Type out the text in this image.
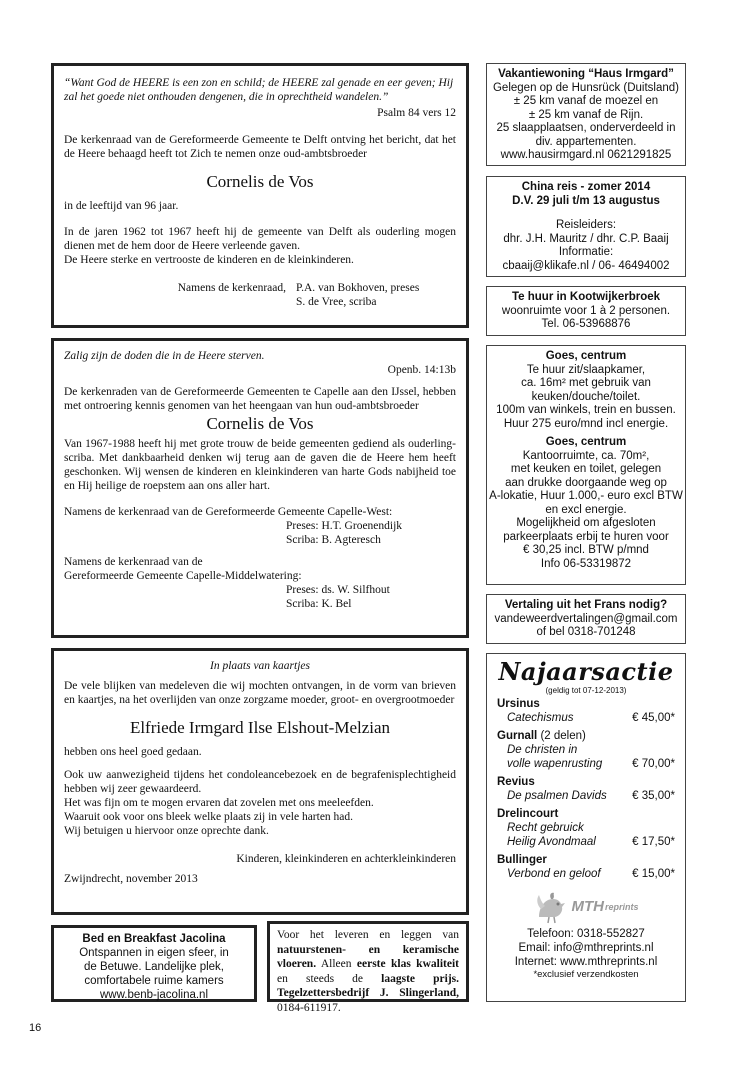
“Want God de HEERE is een zon en schild; de HEERE zal genade en eer geven; Hij zal het goede niet onthouden dengenen, die in oprechtheid wandelen.”

Psalm 84 vers 12

De kerkenraad van de Gereformeerde Gemeente te Delft ontving het bericht, dat het de Heere behaagd heeft tot Zich te nemen onze oud-ambtsbroeder

Cornelis de Vos

in de leeftijd van 96 jaar.

In de jaren 1962 tot 1967 heeft hij de gemeente van Delft als ouderling mogen dienen met de hem door de Heere verleende gaven.

De Heere sterke en vertrooste de kinderen en de kleinkinderen.

Namens de kerkenraad, P.A. van Bokhoven, preses
S. de Vree, scriba

Zalig zijn de doden die in de Heere sterven.

Openb. 14:13b

De kerkenraden van de Gereformeerde Gemeenten te Capelle aan den IJssel, hebben met ontroering kennis genomen van het heengaan van hun oud-ambtsbroeder

Cornelis de Vos

Van 1967-1988 heeft hij met grote trouw de beide gemeenten gediend als ouderling- scriba. Met dankbaarheid denken wij terug aan de gaven die de Heere hem heeft geschonken. Wij wensen de kinderen en kleinkinderen van harte Gods nabijheid toe en Hij heilige de roepstem aan ons aller hart.

Namens de kerkenraad van de Gereformeerde Gemeente Capelle-West:

Preses: H.T. Groenendijk

Scriba: B. Agteresch

Namens de kerkenraad van de

Gereformeerde Gemeente Capelle-Middelwatering:

Preses: ds. W. Silfhout

Scriba: K. Bel

In plaats van kaartjes

De vele blijken van medeleven die wij mochten ontvangen, in de vorm van brieven en kaartjes, na het overlijden van onze zorgzame moeder, groot- en overgrootmoeder

Elfriede Irmgard Ilse Elshout-Melzian

hebben ons heel goed gedaan.

Ook uw aanwezigheid tijdens het condoleancebezoek en de begrafenisplechtigheid hebben wij zeer gewaardeerd.

Het was fijn om te mogen ervaren dat zovelen met ons meeleefden.

Waaruit ook voor ons bleek welke plaats zij in vele harten had.

Wij betuigen u hiervoor onze oprechte dank.

Kinderen, kleinkinderen en achterkleinkinderen

Zwijndrecht, november 2013

Bed en Breakfast Jacolina
Ontspannen in eigen sfeer, in
de Betuwe. Landelijke plek,
comfortabele ruime kamers
www.benb-jacolina.nl
Voor het leveren en leggen van natuurstenen- en keramische vloeren. Alleen eerste klas kwaliteit en steeds de laagste prijs. Tegelzettersbedrijf J. Slingerland, 0184-611917.
Vakantiewoning “Haus Irmgard”
Gelegen op de Hunsrück (Duitsland)
± 25 km vanaf de moezel en
± 25 km vanaf de Rijn.
25 slaapplaatsen, onderverdeeld in
div. appartementen.
www.hausirmgard.nl 0621291825
China reis - zomer 2014
D.V. 29 juli t/m 13 augustus
Reisleiders:
dhr. J.H. Mauritz / dhr. C.P. Baaij
Informatie:
cbaaij@klikafe.nl / 06- 46494002
Te huur in Kootwijkerbroek
woonruimte voor 1 à 2 personen.
Tel. 06-53968876
Goes, centrum
Te huur zit/slaapkamer,
ca. 16m² met gebruik van
keuken/douche/toilet.
100m van winkels, trein en bussen.
Huur 275 euro/mnd incl energie.
Goes, centrum
Kantoorruimte, ca. 70m²,
met keuken en toilet, gelegen
aan drukke doorgaande weg op
A-lokatie, Huur 1.000,- euro excl BTW
en excl energie.
Mogelijkheid om afgesloten
parkeerplaats erbij te huren voor
€ 30,25 incl. BTW p/mnd
Info 06-53319872
Vertaling uit het Frans nodig?
vandeweerdvertalingen@gmail.com
of bel 0318-701248
Najaarsactie
(geldig tot 07-12-2013)
Ursinus
Catechismus	€ 45,00*
Gurnall (2 delen)
De christen in
volle wapenrusting	€ 70,00*
Revius
De psalmen Davids € 35,00*
Drelincourt
Recht gebruick
Heilig Avondmaal	€ 17,50*
Bullinger
Verbond en geloof	€ 15,00*
MTH reprints
Telefoon: 0318-552827
Email: info@mthreprints.nl
Internet: www.mthreprints.nl
*exclusief verzendkosten
16
